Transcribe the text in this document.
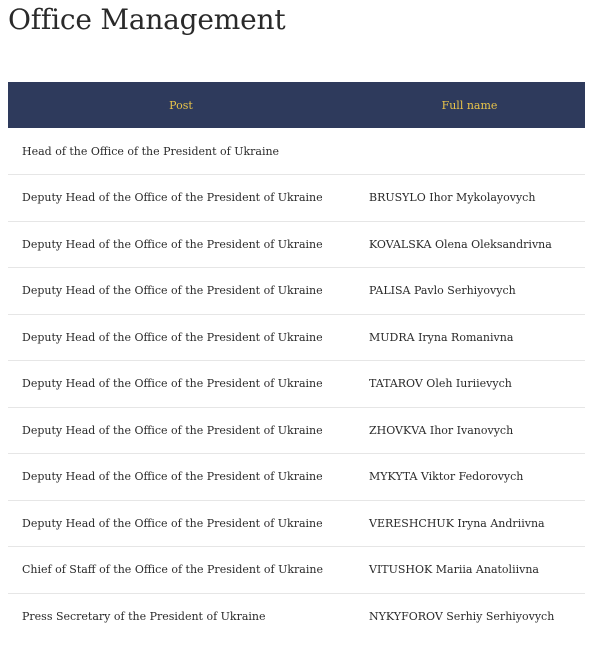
Office Management
Post	Full name
Head of the Office of the President of Ukraine	
Deputy Head of the Office of the President of Ukraine	BRUSYLO Ihor Mykolayovych
Deputy Head of the Office of the President of Ukraine	KOVALSKA Olena Oleksandrivna
Deputy Head of the Office of the President of Ukraine	PALISA Pavlo Serhiyovych
Deputy Head of the Office of the President of Ukraine	MUDRA Iryna Romanivna
Deputy Head of the Office of the President of Ukraine	TATAROV Oleh Iuriievych
Deputy Head of the Office of the President of Ukraine	ZHOVKVA Ihor Ivanovych
Deputy Head of the Office of the President of Ukraine	MYKYTA Viktor Fedorovych
Deputy Head of the Office of the President of Ukraine	VERESHCHUK Iryna Andriivna
Chief of Staff of the Office of the President of Ukraine	VITUSHOK Mariia Anatoliivna
Press Secretary of the President of Ukraine	NYKYFOROV Serhiy Serhiyovych
